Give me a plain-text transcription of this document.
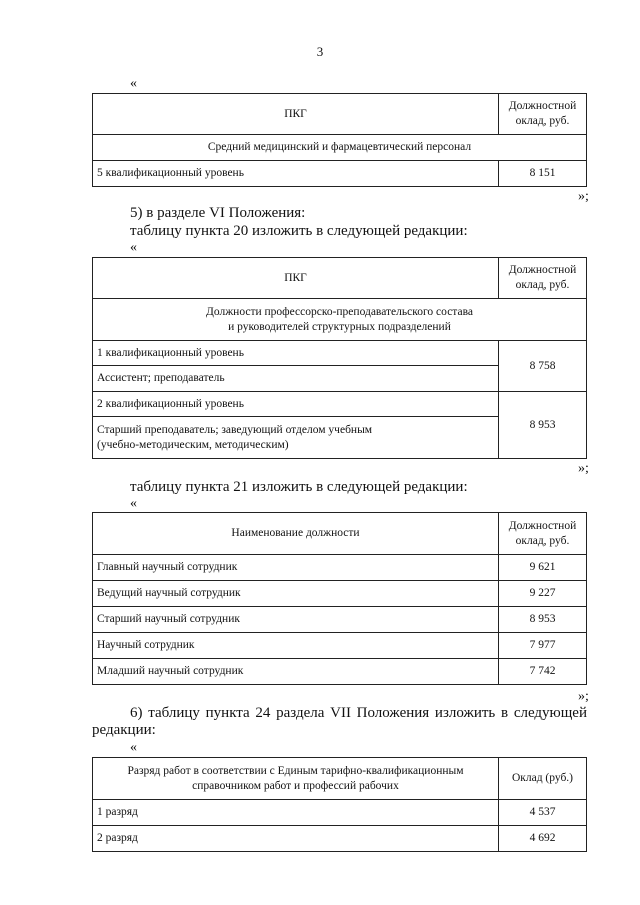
3
«
ПКГ	Должностной
оклад, руб.

Средний медицинский и фармацевтический персонал	
5 квалификационный уровень	8 151
»;
5) в разделе VI Положения:
таблицу пункта 20 изложить в следующей редакции:
«
ПКГ	Должностной
оклад, руб.

Должности профессорско-преподавательского состава
и руководителей структурных подразделений	

1 квалификационный уровень	8 758
Ассистент; преподаватель	
2 квалификационный уровень	8 953

Старший преподаватель; заведующий отделом учебным
(учебно-методическим, методическим)	
»;
таблицу пункта 21 изложить в следующей редакции:
«
Наименование должности	Должностной
оклад, руб.

Главный научный сотрудник	9 621
Ведущий научный сотрудник	9 227
Старший научный сотрудник	8 953
Научный сотрудник	7 977
Младший научный сотрудник	7 742
»;
6) таблицу пункта 24 раздела VII Положения изложить в следующей
редакции:
«
Разряд работ в соответствии с Единым тарифно-квалификационным
справочником работ и профессий рабочих	Оклад (руб.)
1 разряд	4 537
2 разряд	4 692
